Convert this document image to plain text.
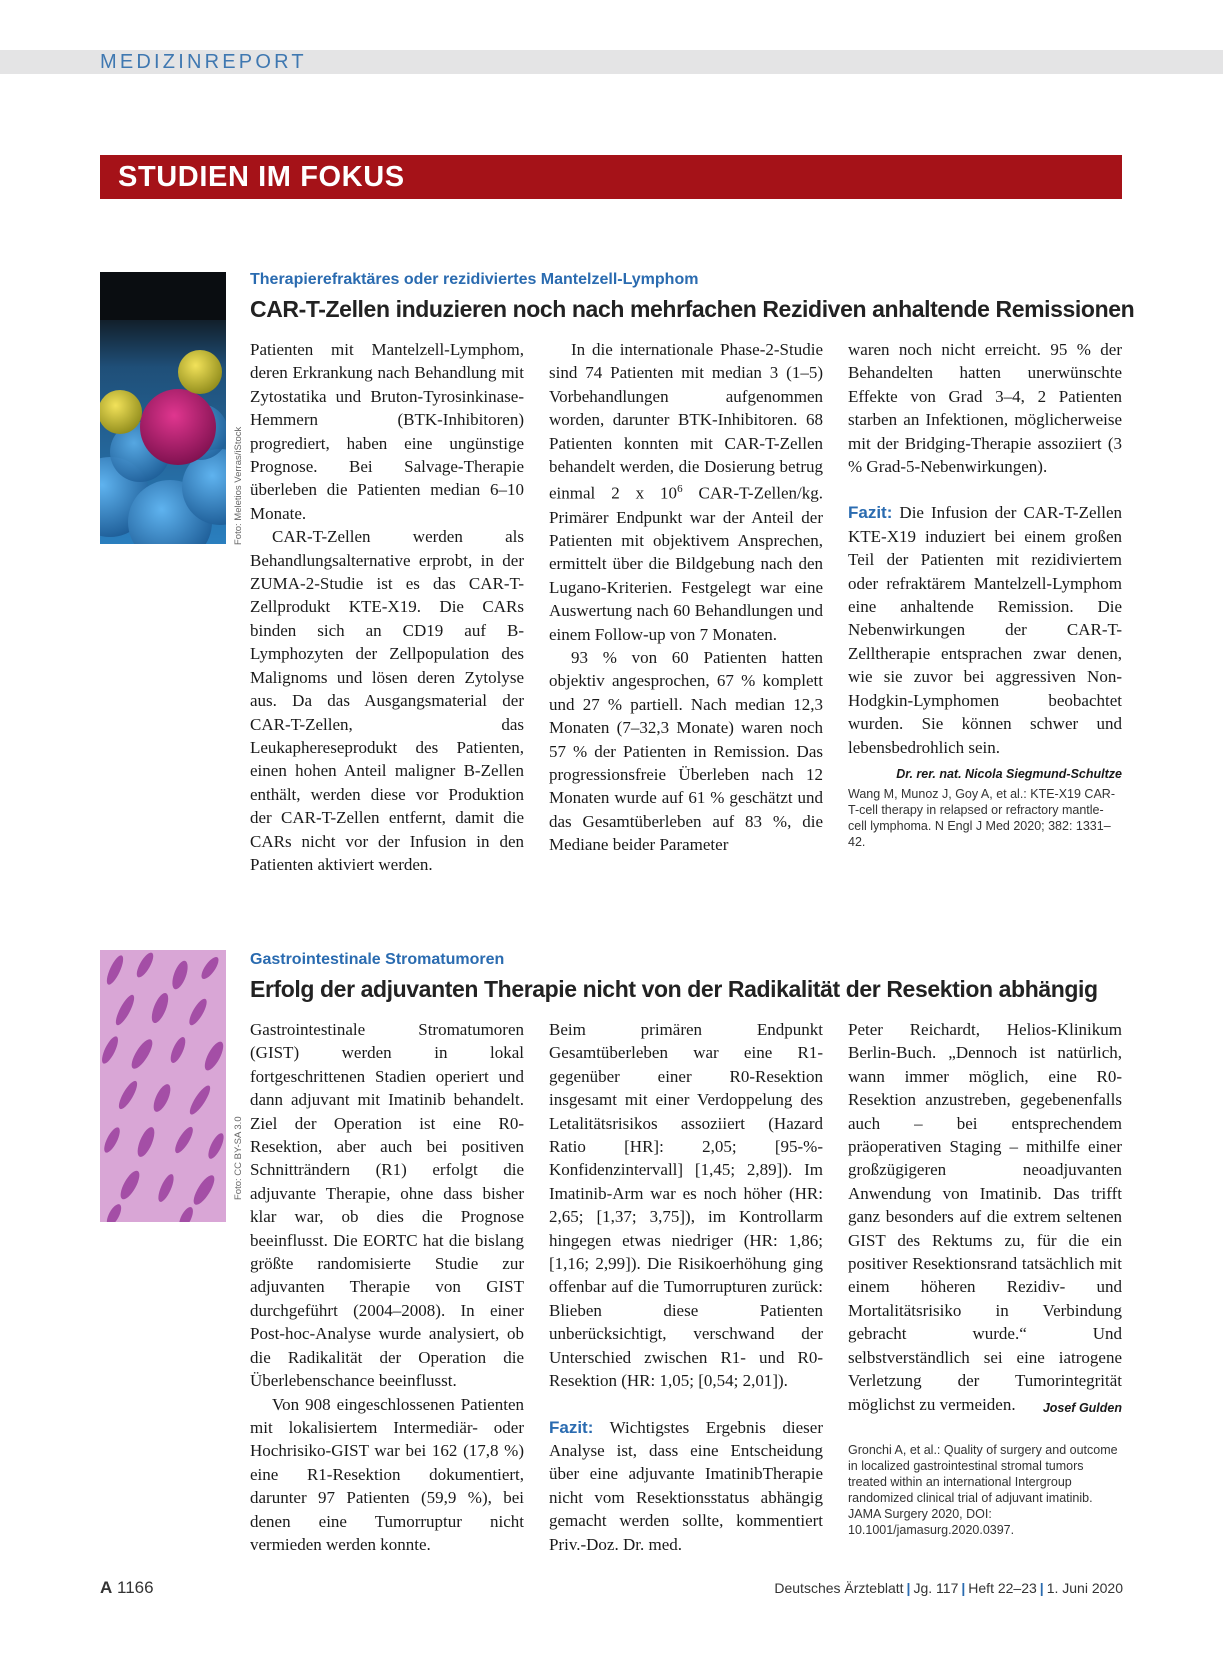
MEDIZINREPORT
STUDIEN IM FOKUS
Foto: Meletios Verras/iStock
Therapierefraktäres oder rezidiviertes Mantelzell-Lymphom
CAR-T-Zellen induzieren noch nach mehrfachen Rezidiven anhaltende Remissionen

Patienten mit Mantelzell-Lymphom, deren Erkrankung nach Behandlung mit Zytostatika und Bruton-Tyrosinkinase-Hemmern (BTK-Inhibitoren) progrediert, haben eine ungünstige Prognose. Bei Salvage-Therapie überleben die Patienten median 6–10 Monate.

CAR-T-Zellen werden als Behandlungsalternative erprobt, in der ZUMA-2-Studie ist es das CAR-T-Zellprodukt KTE-X19. Die CARs binden sich an CD19 auf B-Lymphozyten der Zellpopulation des Malignoms und lösen deren Zytolyse aus. Da das Ausgangsmaterial der CAR-T-Zellen, das Leukaphereseprodukt des Patienten, einen hohen Anteil maligner B-Zellen enthält, werden diese vor Produktion der CAR-T-Zellen entfernt, damit die CARs nicht vor der Infusion in den Patienten aktiviert werden.

In die internationale Phase-2-Studie sind 74 Patienten mit median 3 (1–5) Vorbehandlungen aufgenommen worden, darunter BTK-Inhibitoren. 68 Patienten konnten mit CAR-T-Zellen behandelt werden, die Dosierung betrug einmal 2 x $10^6$ CAR-T-Zellen/kg. Primärer Endpunkt war der Anteil der Patienten mit objektivem Ansprechen, ermittelt über die Bildgebung nach den Lugano-Kriterien. Festgelegt war eine Auswertung nach 60 Behandlungen und einem Follow-up von 7 Monaten.

93 % von 60 Patienten hatten objektiv angesprochen, 67 % komplett und 27 % partiell. Nach median 12,3 Monaten (7–32,3 Monate) waren noch 57 % der Patienten in Remission. Das progressionsfreie Überleben nach 12 Monaten wurde auf 61 % geschätzt und das Gesamtüberleben auf 83 %, die Mediane beider Parameter

waren noch nicht erreicht. 95 % der Behandelten hatten unerwünschte Effekte von Grad 3–4, 2 Patienten starben an Infektionen, möglicherweise mit der Bridging-Therapie assoziiert (3 % Grad-5-Nebenwirkungen).

Fazit: Die Infusion der CAR-T-Zellen KTE-X19 induziert bei einem großen Teil der Patienten mit rezidiviertem oder refraktärem Mantelzell-Lymphom eine anhaltende Remission. Die Nebenwirkungen der CAR-T-Zelltherapie entsprachen zwar denen, wie sie zuvor bei aggressiven Non-Hodgkin-Lymphomen beobachtet wurden. Sie können schwer und lebensbedrohlich sein.
Dr. rer. nat. Nicola Siegmund-Schultze

Wang M, Munoz J, Goy A, et al.: KTE-X19 CAR-T-cell therapy in relapsed or refractory mantle-cell lymphoma. N Engl J Med 2020; 382: 1331–42.
Foto: CC BY-SA 3.0
Gastrointestinale Stromatumoren
Erfolg der adjuvanten Therapie nicht von der Radikalität der Resektion abhängig

Gastrointestinale Stromatumoren (GIST) werden in lokal fortgeschrittenen Stadien operiert und dann adjuvant mit Imatinib behandelt. Ziel der Operation ist eine R0-Resektion, aber auch bei positiven Schnitträndern (R1) erfolgt die adjuvante Therapie, ohne dass bisher klar war, ob dies die Prognose beeinflusst. Die EORTC hat die bislang größte randomisierte Studie zur adjuvanten Therapie von GIST durchgeführt (2004–2008). In einer Post-hoc-Analyse wurde analysiert, ob die Radikalität der Operation die Überlebenschance beeinflusst.

Von 908 eingeschlossenen Patienten mit lokalisiertem Intermediär- oder Hochrisiko-GIST war bei 162 (17,8 %) eine R1-Resektion dokumentiert, darunter 97 Patienten (59,9 %), bei denen eine Tumorruptur nicht vermieden werden konnte.

Beim primären Endpunkt Gesamtüberleben war eine R1- gegenüber einer R0-Resektion insgesamt mit einer Verdoppelung des Letalitätsrisikos assoziiert (Hazard Ratio [HR]: 2,05; [95-%-Konfidenzintervall] [1,45; 2,89]). Im Imatinib-Arm war es noch höher (HR: 2,65; [1,37; 3,75]), im Kontrollarm hingegen etwas niedriger (HR: 1,86; [1,16; 2,99]). Die Risikoerhöhung ging offenbar auf die Tumorrupturen zurück: Blieben diese Patienten unberücksichtigt, verschwand der Unterschied zwischen R1- und R0-Resektion (HR: 1,05; [0,54; 2,01]).

Fazit: Wichtigstes Ergebnis dieser Analyse ist, dass eine Entscheidung über eine adjuvante ImatinibTherapie nicht vom Resektionsstatus abhängig gemacht werden sollte, kommentiert Priv.-Doz. Dr. med.

Peter Reichardt, Helios-Klinikum Berlin-Buch. „Dennoch ist natürlich, wann immer möglich, eine R0-Resektion anzustreben, gegebenenfalls auch – bei entsprechendem präoperativen Staging – mithilfe einer großzügigeren neoadjuvanten Anwendung von Imatinib. Das trifft ganz besonders auf die extrem seltenen GIST des Rektums zu, für die ein positiver Resektionsrand tatsächlich mit einem höheren Rezidiv- und Mortalitätsrisiko in Verbindung gebracht wurde.“ Und selbstverständlich sei eine iatrogene Verletzung der Tumorintegrität möglichst zu vermeiden. Josef Gulden

Gronchi A, et al.: Quality of surgery and outcome in localized gastrointestinal stromal tumors treated within an international Intergroup randomized clinical trial of adjuvant imatinib. JAMA Surgery 2020, DOI: 10.1001/jamasurg.2020.0397.
A 1166	Deutsches Ärzteblatt | Jg. 117 | Heft 22–23 | 1. Juni 2020
